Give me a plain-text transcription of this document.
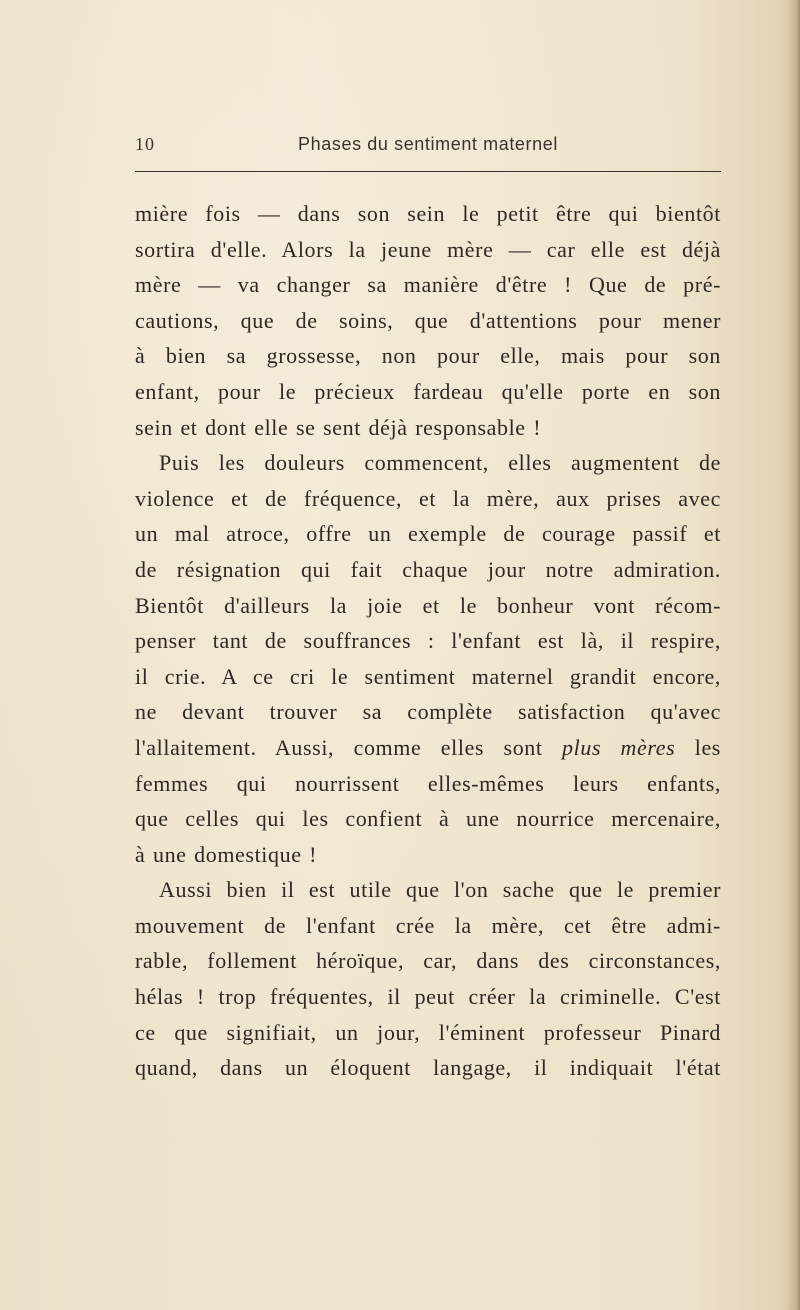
10	Phases du sentiment maternel
mière fois — dans son sein le petit être qui bientôt
sortira d'elle. Alors la jeune mère — car elle est déjà
mère — va changer sa manière d'être ! Que de pré-
cautions, que de soins, que d'attentions pour mener
à bien sa grossesse, non pour elle, mais pour son
enfant, pour le précieux fardeau qu'elle porte en son
sein et dont elle se sent déjà responsable !
Puis les douleurs commencent, elles augmentent de
violence et de fréquence, et la mère, aux prises avec
un mal atroce, offre un exemple de courage passif et
de résignation qui fait chaque jour notre admiration.
Bientôt d'ailleurs la joie et le bonheur vont récom-
penser tant de souffrances : l'enfant est là, il respire,
il crie. A ce cri le sentiment maternel grandit encore,
ne devant trouver sa complète satisfaction qu'avec
l'allaitement. Aussi, comme elles sont plus mères les
femmes qui nourrissent elles-mêmes leurs enfants,
que celles qui les confient à une nourrice mercenaire,
à une domestique !
Aussi bien il est utile que l'on sache que le premier
mouvement de l'enfant crée la mère, cet être admi-
rable, follement héroïque, car, dans des circonstances,
hélas ! trop fréquentes, il peut créer la criminelle. C'est
ce que signifiait, un jour, l'éminent professeur Pinard
quand, dans un éloquent langage, il indiquait l'état
